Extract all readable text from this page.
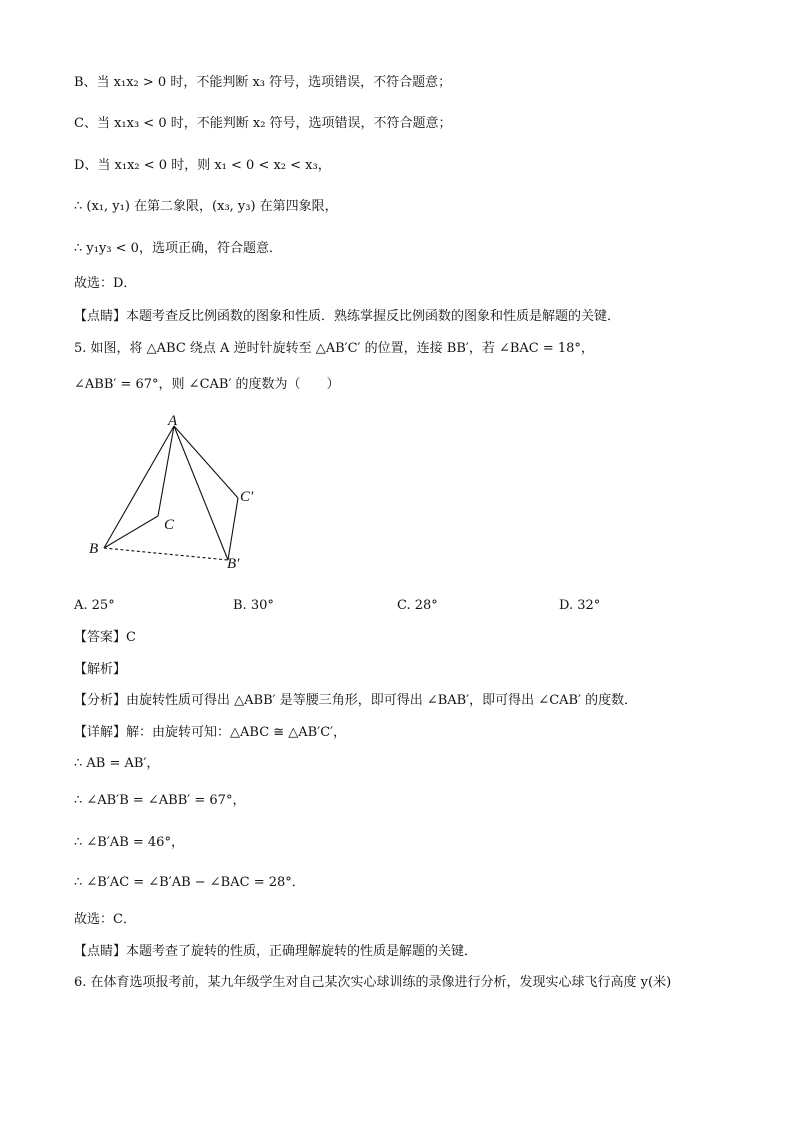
B、当 x₁x₂ > 0 时，不能判断 x₃ 符号，选项错误，不符合题意；
C、当 x₁x₃ < 0 时，不能判断 x₂ 符号，选项错误，不符合题意；
D、当 x₁x₂ < 0 时，则 x₁ < 0 < x₂ < x₃，
∴ (x₁, y₁) 在第二象限，(x₃, y₃) 在第四象限，
∴ y₁y₃ < 0，选项正确，符合题意．
故选：D．
【点睛】本题考查反比例函数的图象和性质．熟练掌握反比例函数的图象和性质是解题的关键．
5. 如图，将 △ABC 绕点 A 逆时针旋转至 △AB′C′ 的位置，连接 BB′，若 ∠BAC = 18°，
∠ABB′ = 67°，则 ∠CAB′ 的度数为（　　）
A
B
C
C′
B′
A. 25°	B. 30°	C. 28°	D. 32°
【答案】C
【解析】
【分析】由旋转性质可得出 △ABB′ 是等腰三角形，即可得出 ∠BAB′，即可得出 ∠CAB′ 的度数．
【详解】解：由旋转可知：△ABC ≅ △AB′C′，
∴ AB = AB′，
∴ ∠AB′B = ∠ABB′ = 67°，
∴ ∠B′AB = 46°，
∴ ∠B′AC = ∠B′AB − ∠BAC = 28°．
故选：C．
【点睛】本题考查了旋转的性质，正确理解旋转的性质是解题的关键．
6. 在体育选项报考前，某九年级学生对自己某次实心球训练的录像进行分析，发现实心球飞行高度 y(米)
